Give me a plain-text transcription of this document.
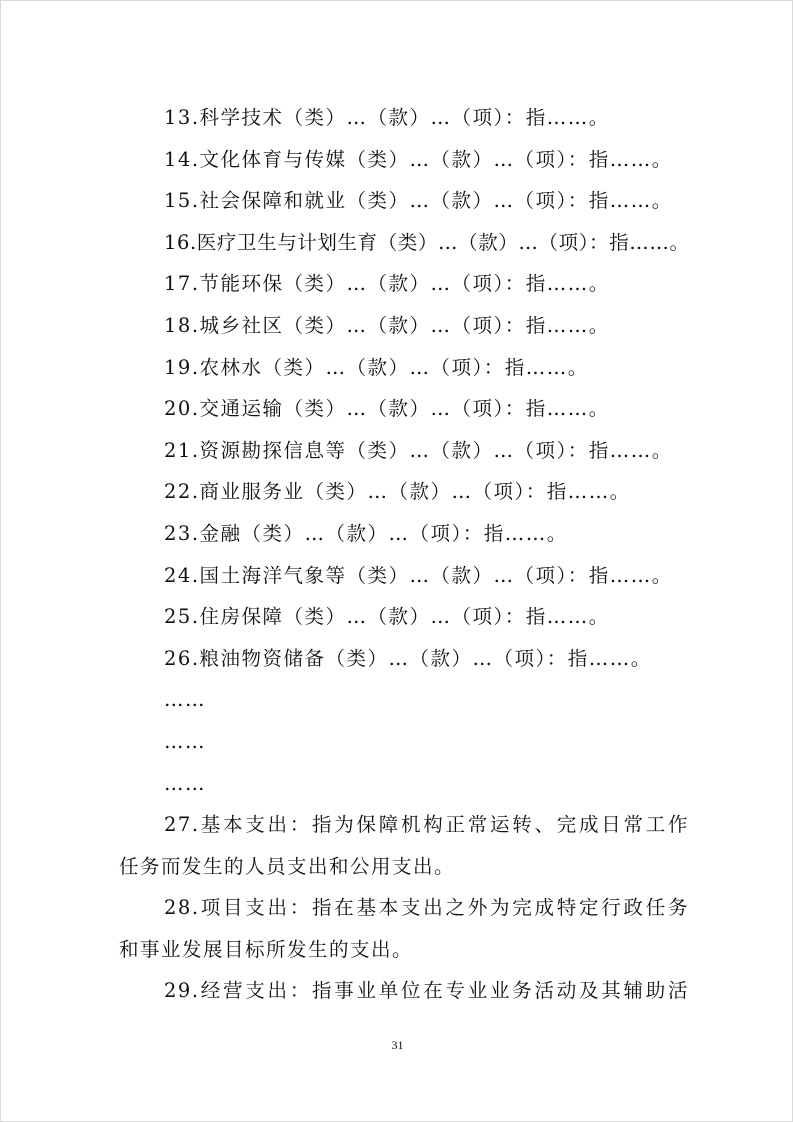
13.科学技术（类）…（款）…（项）：指……。
14.文化体育与传媒（类）…（款）…（项）：指……。
15.社会保障和就业（类）…（款）…（项）：指……。
16.医疗卫生与计划生育（类）…（款）…（项）：指……。
17.节能环保（类）…（款）…（项）：指……。
18.城乡社区（类）…（款）…（项）：指……。
19.农林水（类）…（款）…（项）：指……。
20.交通运输（类）…（款）…（项）：指……。
21.资源勘探信息等（类）…（款）…（项）：指……。
22.商业服务业（类）…（款）…（项）：指……。
23.金融（类）…（款）…（项）：指……。
24.国土海洋气象等（类）…（款）…（项）：指……。
25.住房保障（类）…（款）…（项）：指……。
26.粮油物资储备（类）…（款）…（项）：指……。
……
……
……
27.基本支出：指为保障机构正常运转、完成日常工作
任务而发生的人员支出和公用支出。
28.项目支出：指在基本支出之外为完成特定行政任务
和事业发展目标所发生的支出。
29.经营支出：指事业单位在专业业务活动及其辅助活
31
